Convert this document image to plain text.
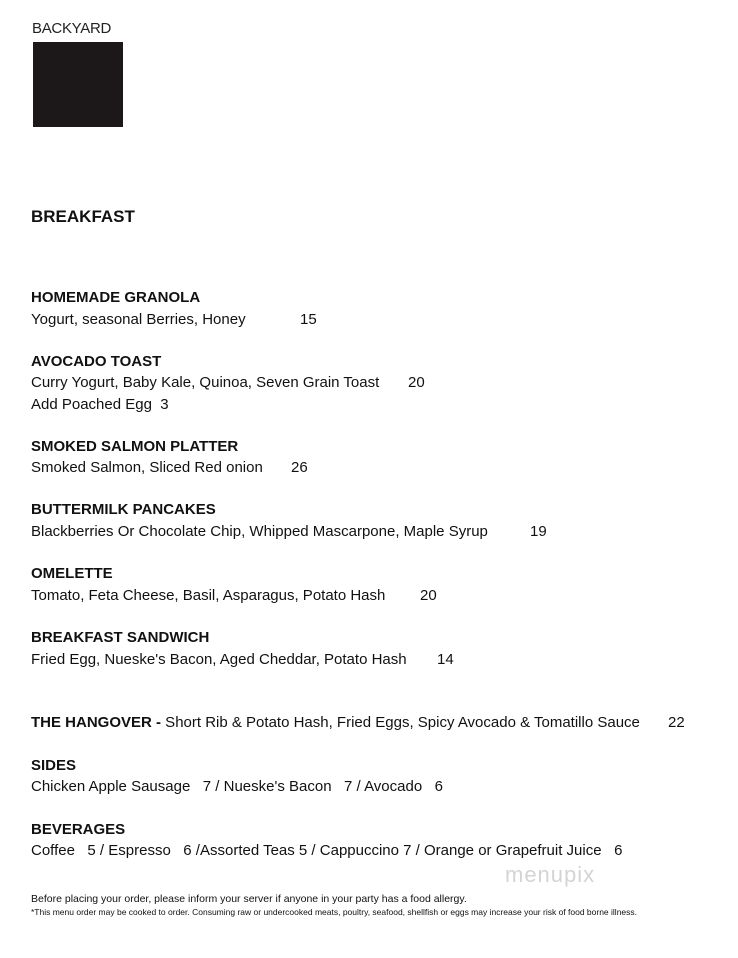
BACKYARD
BREAKFAST
HOMEMADE GRANOLA
Yogurt, seasonal Berries, Honey	15
AVOCADO TOAST
Curry Yogurt, Baby Kale, Quinoa, Seven Grain Toast 20
Add Poached Egg  3
SMOKED SALMON PLATTER
Smoked Salmon, Sliced Red onion 26
BUTTERMILK PANCAKES
Blackberries Or Chocolate Chip, Whipped Mascarpone, Maple Syrup	19
OMELETTE
Tomato, Feta Cheese, Basil, Asparagus, Potato Hash 20
BREAKFAST SANDWICH
Fried Egg, Nueske's Bacon, Aged Cheddar, Potato Hash 14
THE HANGOVER - Short Rib & Potato Hash, Fried Eggs, Spicy Avocado & Tomatillo Sauce 22
SIDES
Chicken Apple Sausage   7 / Nueske's Bacon   7 / Avocado   6
BEVERAGES
Coffee   5 / Espresso   6 /Assorted Teas 5 / Cappuccino 7 / Orange or Grapefruit Juice   6
menupix
Before placing your order, please inform your server if anyone in your party has a food allergy.
*This menu order may be cooked to order. Consuming raw or undercooked meats, poultry, seafood, shellfish or eggs may increase your risk of food borne illness.
